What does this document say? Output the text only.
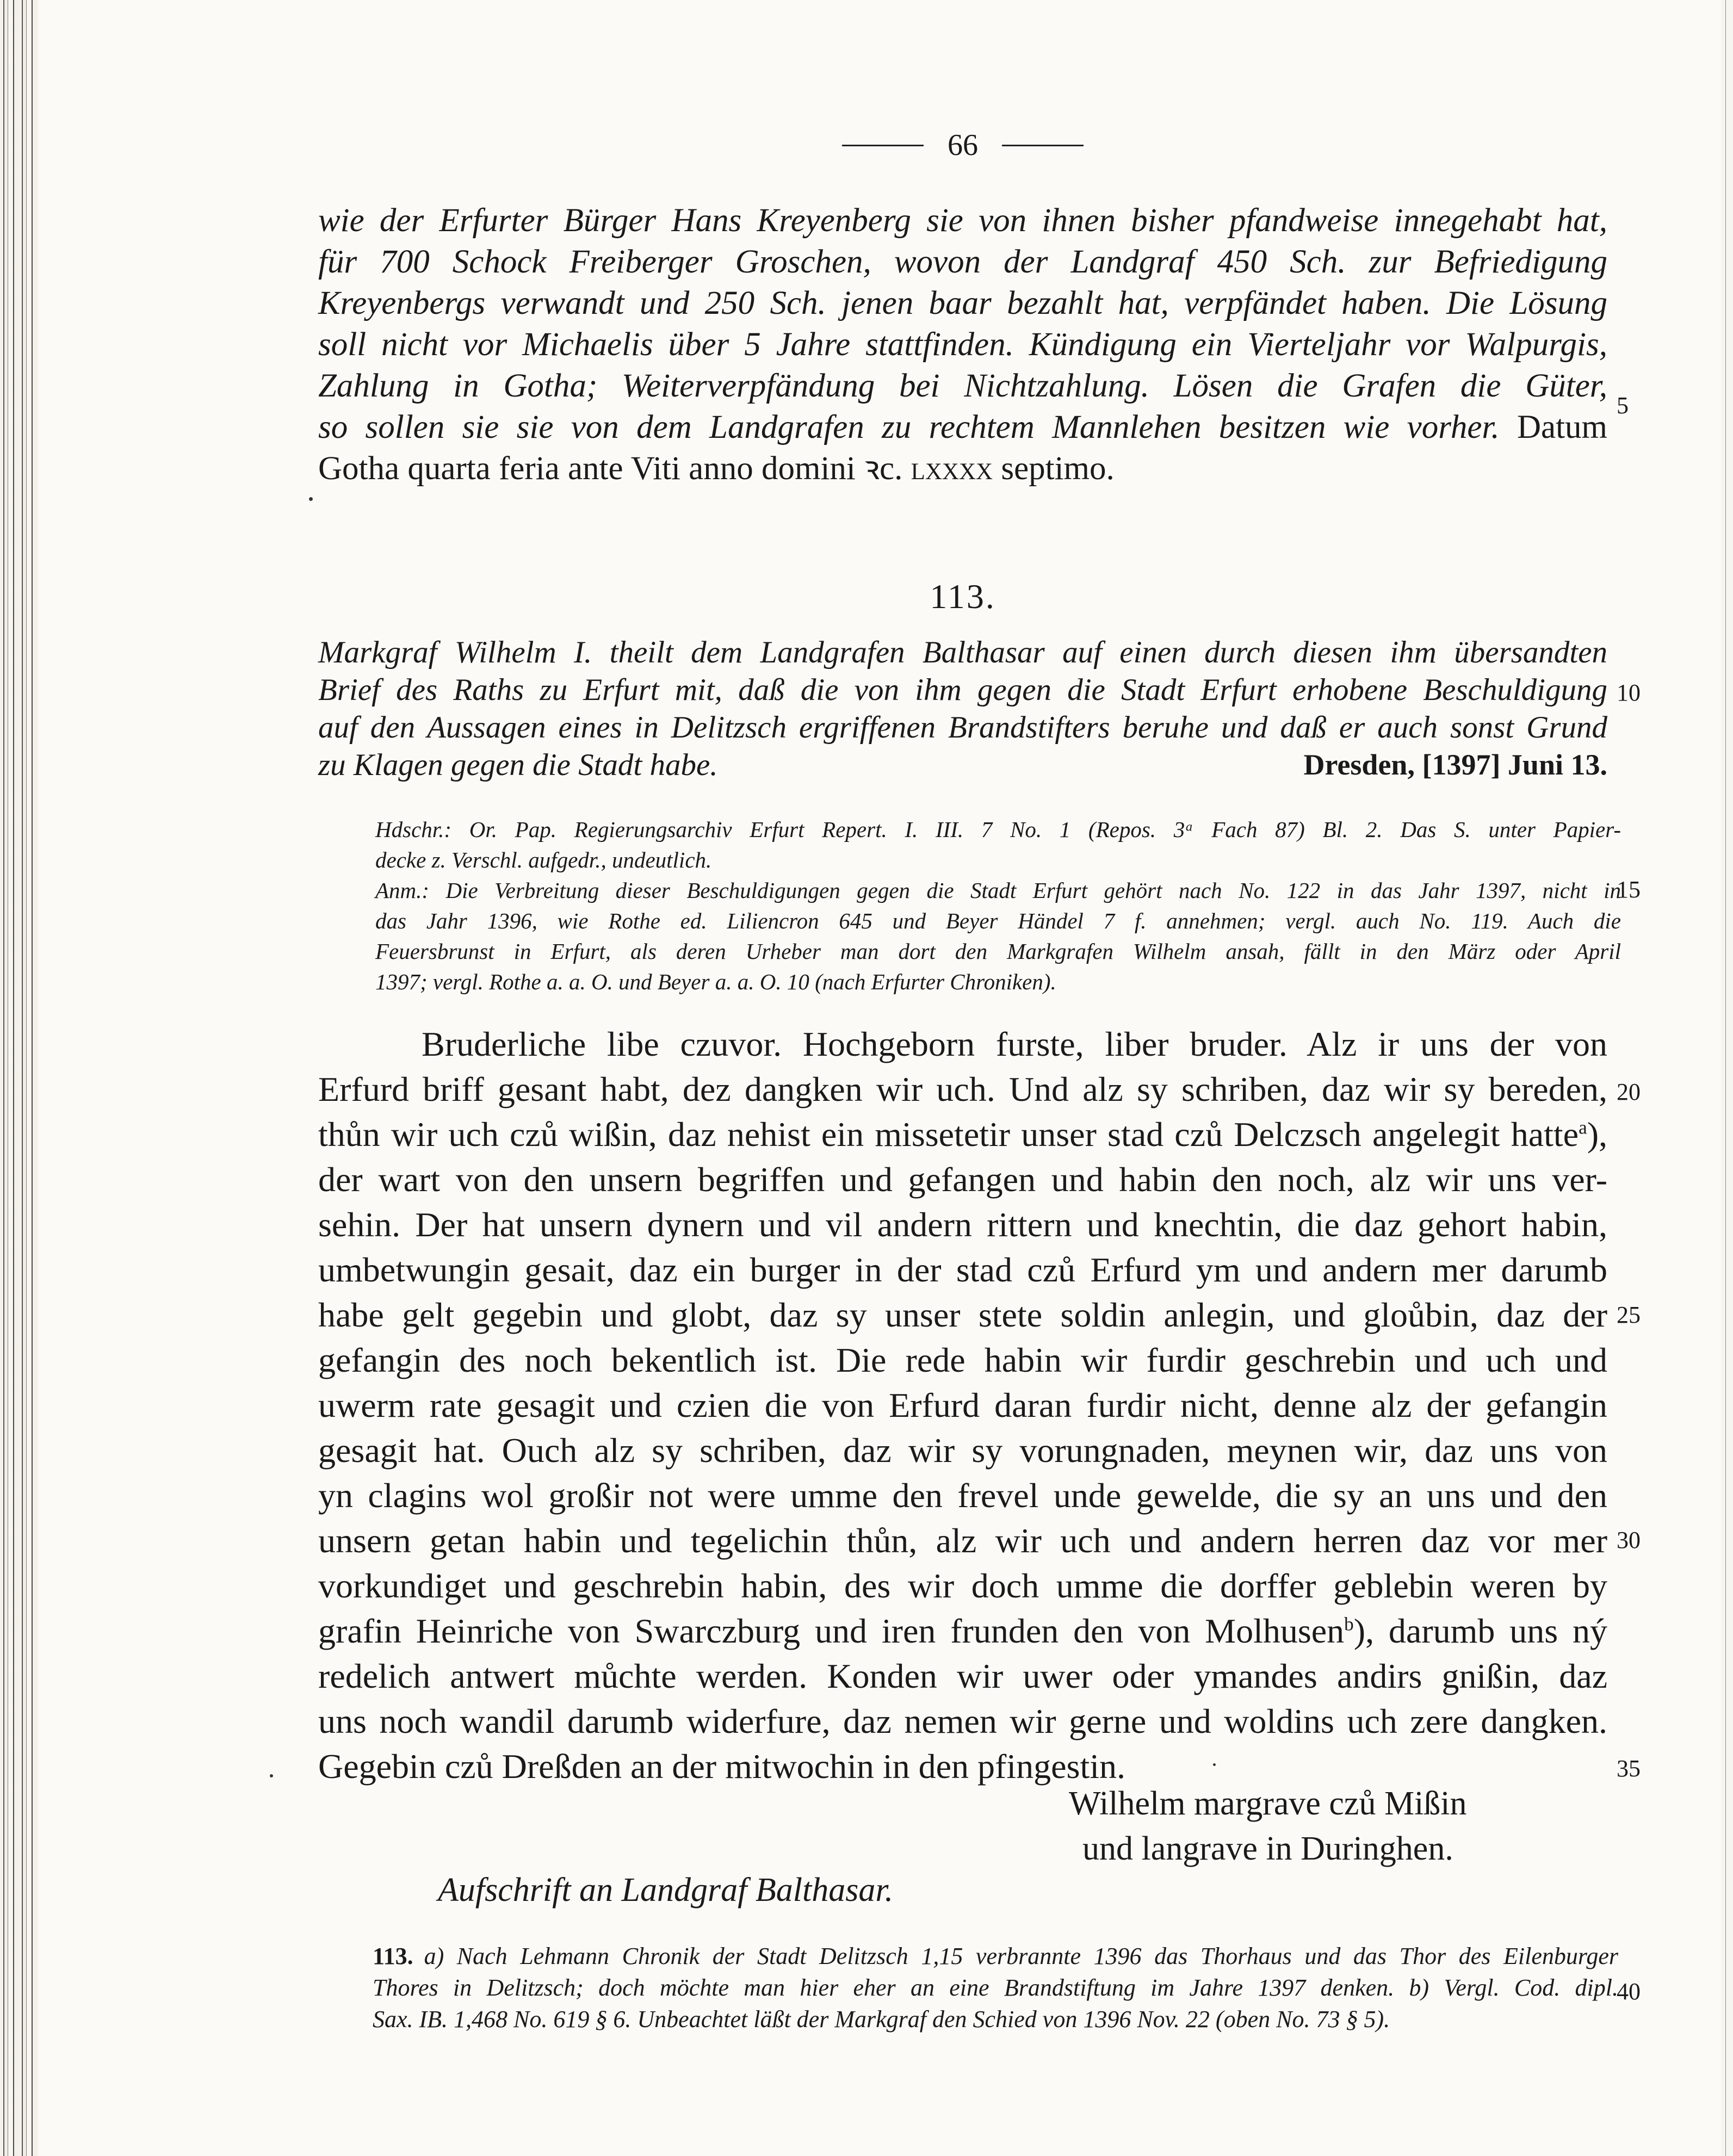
66
wie der Erfurter Bürger Hans Kreyenberg sie von ihnen bisher pfandweise innegehabt hat,
für 700 Schock Freiberger Groschen, wovon der Landgraf 450 Sch. zur Befriedigung
Kreyenbergs verwandt und 250 Sch. jenen baar bezahlt hat, verpfändet haben. Die Lösung
soll nicht vor Michaelis über 5 Jahre stattfinden. Kündigung ein Vierteljahr vor Walpurgis,
Zahlung in Gotha; Weiterverpfändung bei Nichtzahlung. Lösen die Grafen die Güter,
so sollen sie sie von dem Landgrafen zu rechtem Mannlehen besitzen wie vorher. Datum
Gotha quarta feria ante Viti anno domini ꝛc. lxxxx septimo.
113.
Markgraf Wilhelm I. theilt dem Landgrafen Balthasar auf einen durch diesen ihm übersandten
Brief des Raths zu Erfurt mit, daß die von ihm gegen die Stadt Erfurt erhobene Beschuldigung
auf den Aussagen eines in Delitzsch ergriffenen Brandstifters beruhe und daß er auch sonst Grund
zu Klagen gegen die Stadt habe.	Dresden, [1397] Juni 13.
Hdschr.: Or. Pap. Regierungsarchiv Erfurt Repert. I. III. 7 No. 1 (Repos. 3ᵃ Fach 87) Bl. 2. Das S. unter Papier-
decke z. Verschl. aufgedr., undeutlich.
Anm.: Die Verbreitung dieser Beschuldigungen gegen die Stadt Erfurt gehört nach No. 122 in das Jahr 1397, nicht in
das Jahr 1396, wie Rothe ed. Liliencron 645 und Beyer Händel 7 f. annehmen; vergl. auch No. 119. Auch die
Feuersbrunst in Erfurt, als deren Urheber man dort den Markgrafen Wilhelm ansah, fällt in den März oder April
1397; vergl. Rothe a. a. O. und Beyer a. a. O. 10 (nach Erfurter Chroniken).
Bruderliche libe czuvor. Hochgeborn furste, liber bruder. Alz ir uns der von
Erfurd briff gesant habt, dez dangken wir uch. Und alz sy schriben, daz wir sy bereden,
thůn wir uch czů wißin, daz nehist ein missetetir unser stad czů Delczsch angelegit hatte$^a$),
der wart von den unsern begriffen und gefangen und habin den noch, alz wir uns ver-
sehin. Der hat unsern dynern und vil andern rittern und knechtin, die daz gehort habin,
umbetwungin gesait, daz ein burger in der stad czů Erfurd ym und andern mer darumb
habe gelt gegebin und globt, daz sy unser stete soldin anlegin, und gloůbin, daz der
gefangin des noch bekentlich ist. Die rede habin wir furdir geschrebin und uch und
uwerm rate gesagit und czien die von Erfurd daran furdir nicht, denne alz der gefangin
gesagit hat. Ouch alz sy schriben, daz wir sy vorungnaden, meynen wir, daz uns von
yn clagins wol großir not were umme den frevel unde gewelde, die sy an uns und den
unsern getan habin und tegelichin thůn, alz wir uch und andern herren daz vor mer
vorkundiget und geschrebin habin, des wir doch umme die dorffer geblebin weren by
grafin Heinriche von Swarczburg und iren frunden den von Molhusen$^b$), darumb uns ný
redelich antwert můchte werden. Konden wir uwer oder ymandes andirs gnißin, daz
uns noch wandil darumb widerfure, daz nemen wir gerne und woldins uch zere dangken.
Gegebin czů Dreßden an der mitwochin in den pfingestin.
Wilhelm margrave czů Mißin
und langrave in Duringhen.
Aufschrift an Landgraf Balthasar.
113. a) Nach Lehmann Chronik der Stadt Delitzsch 1,15 verbrannte 1396 das Thorhaus und das Thor des Eilenburger
Thores in Delitzsch; doch möchte man hier eher an eine Brandstiftung im Jahre 1397 denken. b) Vergl. Cod. dipl.
Sax. IB. 1,468 No. 619 § 6. Unbeachtet läßt der Markgraf den Schied von 1396 Nov. 22 (oben No. 73 § 5).
5
10
15
20
25
30
35
40
